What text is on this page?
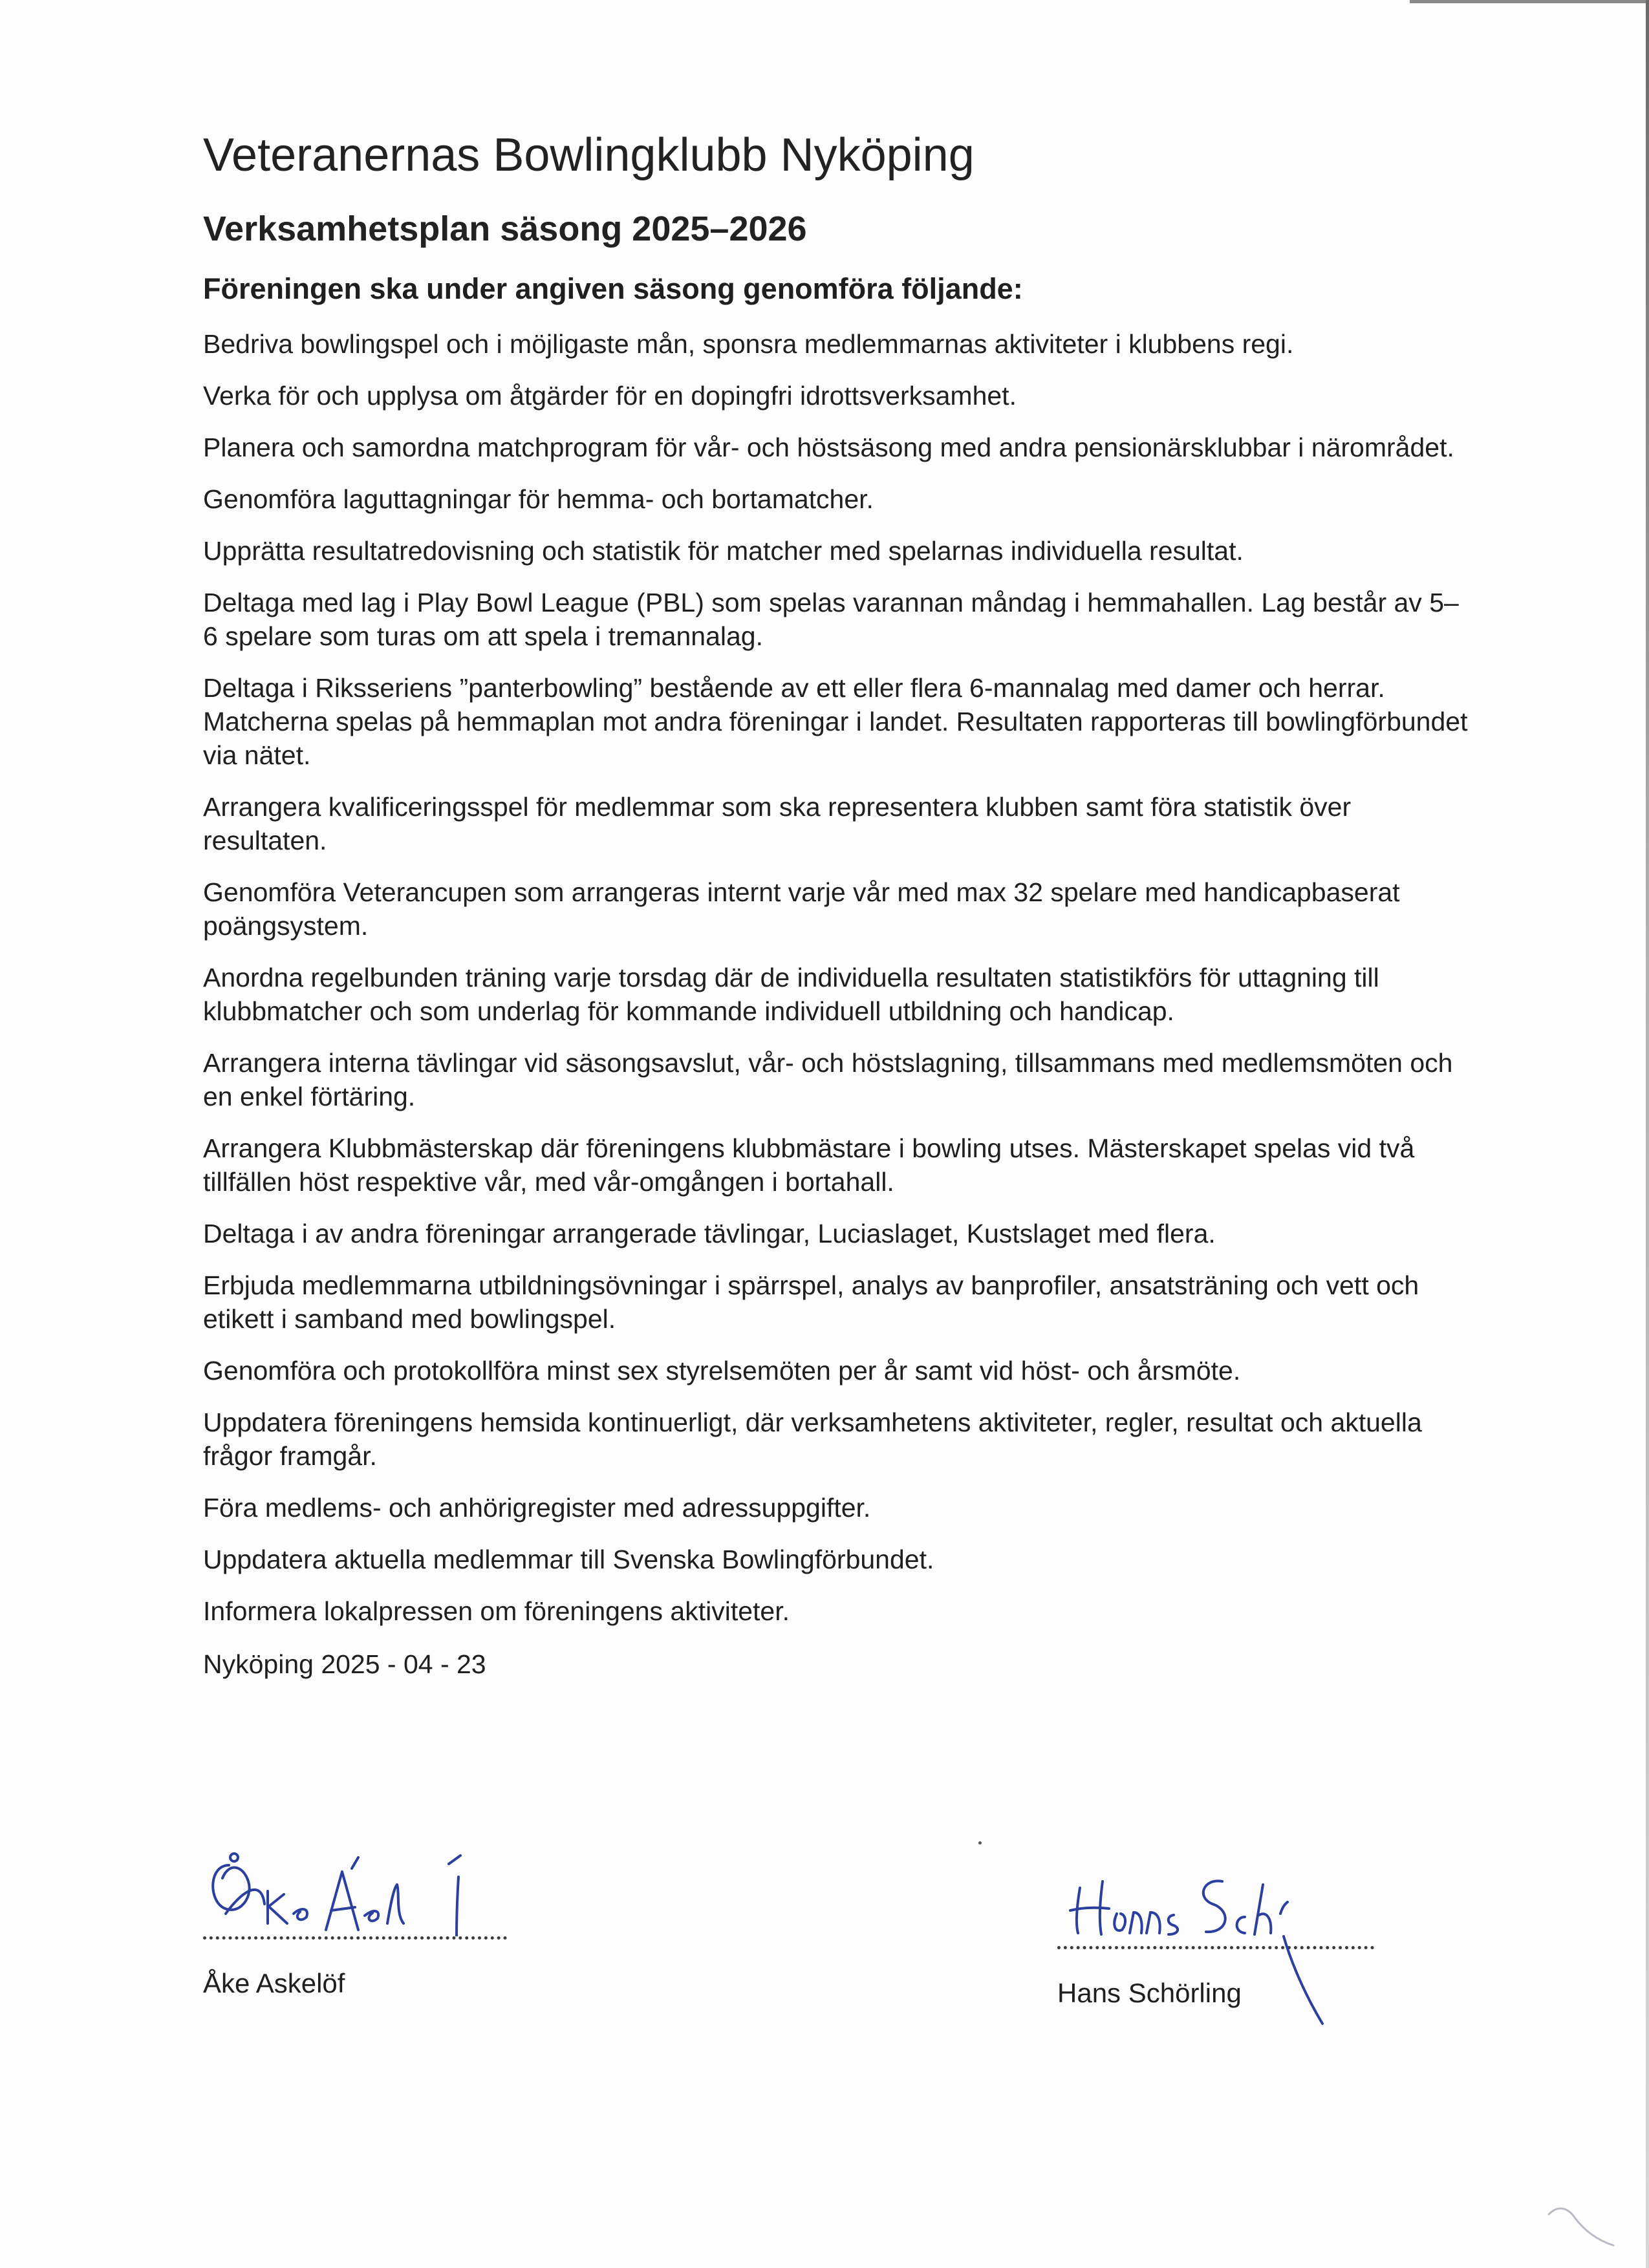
Veteranernas Bowlingklubb Nyköping
Verksamhetsplan säsong 2025–2026

Föreningen ska under angiven säsong genomföra följande:

Bedriva bowlingspel och i möjligaste mån, sponsra medlemmarnas aktiviteter i klubbens regi.

Verka för och upplysa om åtgärder för en dopingfri idrottsverksamhet.

Planera och samordna matchprogram för vår- och höstsäsong med andra pensionärsklubbar i närområdet.

Genomföra laguttagningar för hemma- och bortamatcher.

Upprätta resultatredovisning och statistik för matcher med spelarnas individuella resultat.

Deltaga med lag i Play Bowl League (PBL) som spelas varannan måndag i hemmahallen. Lag består av 5–6 spelare som turas om att spela i tremannalag.

Deltaga i Riksseriens ”panterbowling” bestående av ett eller flera 6-mannalag med damer och herrar. Matcherna spelas på hemmaplan mot andra föreningar i landet. Resultaten rapporteras till bowlingförbundet via nätet.

Arrangera kvalificeringsspel för medlemmar som ska representera klubben samt föra statistik över resultaten.

Genomföra Veterancupen som arrangeras internt varje vår med max 32 spelare med handicapbaserat poängsystem.

Anordna regelbunden träning varje torsdag där de individuella resultaten statistikförs för uttagning till klubbmatcher och som underlag för kommande individuell utbildning och handicap.

Arrangera interna tävlingar vid säsongsavslut, vår- och höstslagning, tillsammans med medlemsmöten och en enkel förtäring.

Arrangera Klubbmästerskap där föreningens klubbmästare i bowling utses. Mästerskapet spelas vid två tillfällen höst respektive vår, med vår-omgången i bortahall.

Deltaga i av andra föreningar arrangerade tävlingar, Luciaslaget, Kustslaget med flera.

Erbjuda medlemmarna utbildningsövningar i spärrspel, analys av banprofiler, ansatsträning och vett och etikett i samband med bowlingspel.

Genomföra och protokollföra minst sex styrelsemöten per år samt vid höst- och årsmöte.

Uppdatera föreningens hemsida kontinuerligt, där verksamhetens aktiviteter, regler, resultat och aktuella frågor framgår.

Föra medlems- och anhörigregister med adressuppgifter.

Uppdatera aktuella medlemmar till Svenska Bowlingförbundet.

Informera lokalpressen om föreningens aktiviteter.

Nyköping 2025 - 04 - 23

Åke Askelöf	Hans Schörling
